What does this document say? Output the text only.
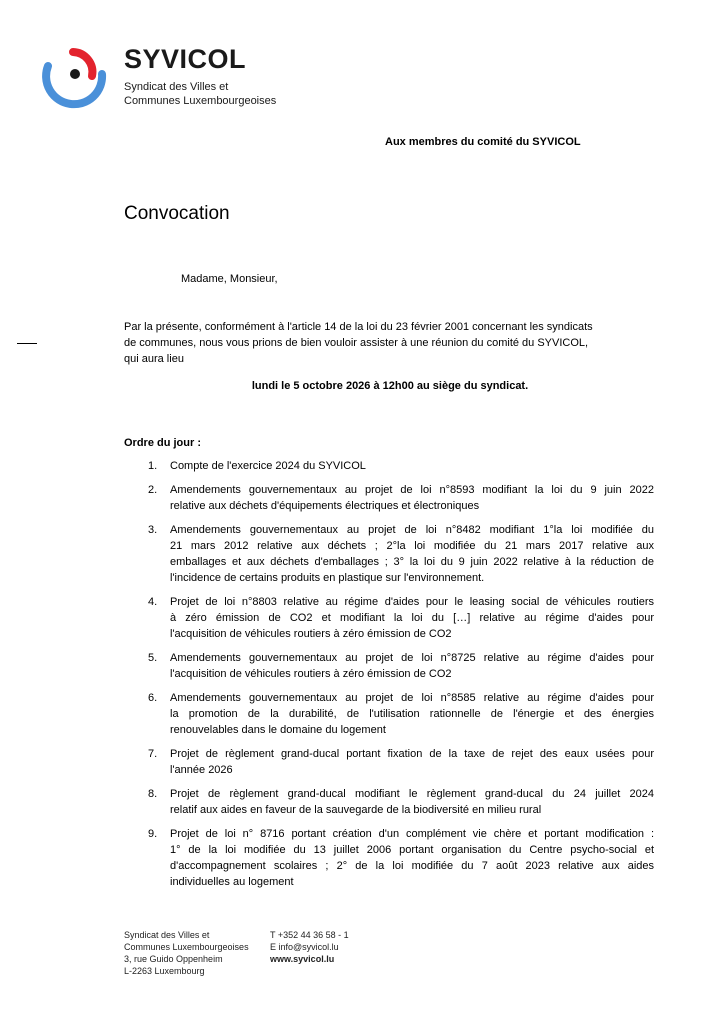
SYVICOL
Syndicat des Villes et
Communes Luxembourgeoises
Aux membres du comité du SYVICOL
Convocation
Madame, Monsieur,
Par la présente, conformément à l'article 14 de la loi du 23 février 2001 concernant les syndicats
de communes, nous vous prions de bien vouloir assister à une réunion du comité du SYVICOL,
qui aura lieu
lundi le 5 octobre 2026 à 12h00 au siège du syndicat.
Ordre du jour :
1. Compte de l'exercice 2024 du SYVICOL
2. Amendements gouvernementaux au projet de loi n°8593 modifiant la loi du 9 juin 2022
relative aux déchets d'équipements électriques et électroniques
3. Amendements gouvernementaux au projet de loi n°8482 modifiant 1°la loi modifiée du
21 mars 2012 relative aux déchets ; 2°la loi modifiée du 21 mars 2017 relative aux
emballages et aux déchets d'emballages ; 3° la loi du 9 juin 2022 relative à la réduction de
l'incidence de certains produits en plastique sur l'environnement.
4. Projet de loi n°8803 relative au régime d'aides pour le leasing social de véhicules routiers
à zéro émission de CO2 et modifiant la loi du […] relative au régime d'aides pour
l'acquisition de véhicules routiers à zéro émission de CO2
5. Amendements gouvernementaux au projet de loi n°8725 relative au régime d'aides pour
l'acquisition de véhicules routiers à zéro émission de CO2
6. Amendements gouvernementaux au projet de loi n°8585 relative au régime d'aides pour
la promotion de la durabilité, de l'utilisation rationnelle de l'énergie et des énergies
renouvelables dans le domaine du logement
7. Projet de règlement grand-ducal portant fixation de la taxe de rejet des eaux usées pour
l'année 2026
8. Projet de règlement grand-ducal modifiant le règlement grand-ducal du 24 juillet 2024
relatif aux aides en faveur de la sauvegarde de la biodiversité en milieu rural
9. Projet de loi n° 8716 portant création d'un complément vie chère et portant modification :
1° de la loi modifiée du 13 juillet 2006 portant organisation du Centre psycho-social et
d'accompagnement scolaires ; 2° de la loi modifiée du 7 août 2023 relative aux aides
individuelles au logement
Syndicat des Villes et
Communes Luxembourgeoises
3, rue Guido Oppenheim
L-2263 Luxembourg
T +352 44 36 58 - 1
E info@syvicol.lu
www.syvicol.lu
